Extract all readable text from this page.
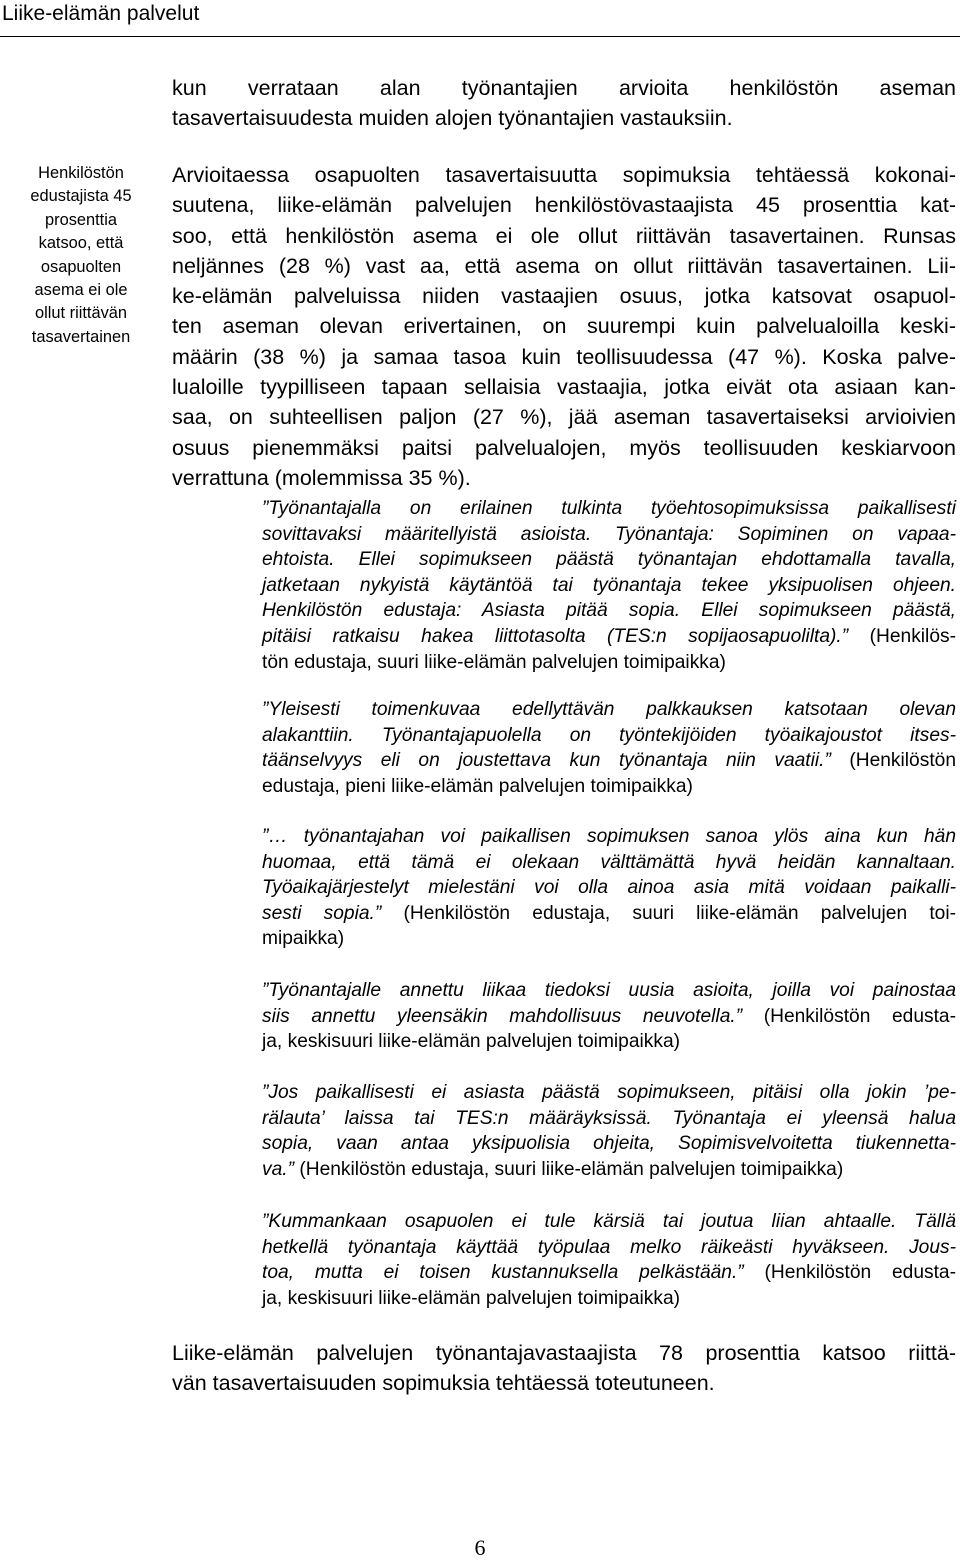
Liike-elämän palvelut
Henkilöstön
edustajista 45
prosenttia
katsoo, että
osapuolten
asema ei ole
ollut riittävän
tasavertainen

kun verrataan alan työnantajien arvioita henkilöstön aseman
tasavertaisuudesta muiden alojen työnantajien vastauksiin.

Arvioitaessa osapuolten tasavertaisuutta sopimuksia tehtäessä kokonai-
suutena, liike-elämän palvelujen henkilöstövastaajista 45 prosenttia kat-
soo, että henkilöstön asema ei ole ollut riittävän tasavertainen. Runsas
neljännes (28 %) vast aa, että asema on ollut riittävän tasavertainen. Lii-
ke-elämän palveluissa niiden vastaajien osuus, jotka katsovat osapuol-
ten aseman olevan erivertainen, on suurempi kuin palvelualoilla keski-
määrin (38 %) ja samaa tasoa kuin teollisuudessa (47 %). Koska palve-
lualoille tyypilliseen tapaan sellaisia vastaajia, jotka eivät ota asiaan kan-
saa, on suhteellisen paljon (27 %), jää aseman tasavertaiseksi arvioivien
osuus pienemmäksi paitsi palvelualojen, myös teollisuuden keskiarvoon
verrattuna (molemmissa 35 %).

”Työnantajalla on erilainen tulkinta työehtosopimuksissa paikallisesti
sovittavaksi määritellyistä asioista. Työnantaja: Sopiminen on vapaa-
ehtoista. Ellei sopimukseen päästä työnantajan ehdottamalla tavalla,
jatketaan nykyistä käytäntöä tai työnantaja tekee yksipuolisen ohjeen.
Henkilöstön edustaja: Asiasta pitää sopia. Ellei sopimukseen päästä,
pitäisi ratkaisu hakea liittotasolta (TES:n sopijaosapuolilta).” (Henkilös-
tön edustaja, suuri liike-elämän palvelujen toimipaikka)
”Yleisesti toimenkuvaa edellyttävän palkkauksen katsotaan olevan
alakanttiin. Työnantajapuolella on työntekijöiden työaikajoustot itses-
täänselvyys eli on joustettava kun työnantaja niin vaatii.” (Henkilöstön
edustaja, pieni liike-elämän palvelujen toimipaikka)
”… työnantajahan voi paikallisen sopimuksen sanoa ylös aina kun hän
huomaa, että tämä ei olekaan välttämättä hyvä heidän kannaltaan.
Työaikajärjestelyt mielestäni voi olla ainoa asia mitä voidaan paikalli-
sesti sopia.” (Henkilöstön edustaja, suuri liike-elämän palvelujen toi-
mipaikka)
”Työnantajalle annettu liikaa tiedoksi uusia asioita, joilla voi painostaa
siis annettu yleensäkin mahdollisuus neuvotella.” (Henkilöstön edusta-
ja, keskisuuri liike-elämän palvelujen toimipaikka)
”Jos paikallisesti ei asiasta päästä sopimukseen, pitäisi olla jokin ’pe-
rälauta’ laissa tai TES:n määräyksissä. Työnantaja ei yleensä halua
sopia, vaan antaa yksipuolisia ohjeita, Sopimisvelvoitetta tiukennetta-
va.” (Henkilöstön edustaja, suuri liike-elämän palvelujen toimipaikka)
”Kummankaan osapuolen ei tule kärsiä tai joutua liian ahtaalle. Tällä
hetkellä työnantaja käyttää työpulaa melko räikeästi hyväkseen. Jous-
toa, mutta ei toisen kustannuksella pelkästään.” (Henkilöstön edusta-
ja, keskisuuri liike-elämän palvelujen toimipaikka)

Liike-elämän palvelujen työnantajavastaajista 78 prosenttia katsoo riittä-
vän tasavertaisuuden sopimuksia tehtäessä toteutuneen.

6
